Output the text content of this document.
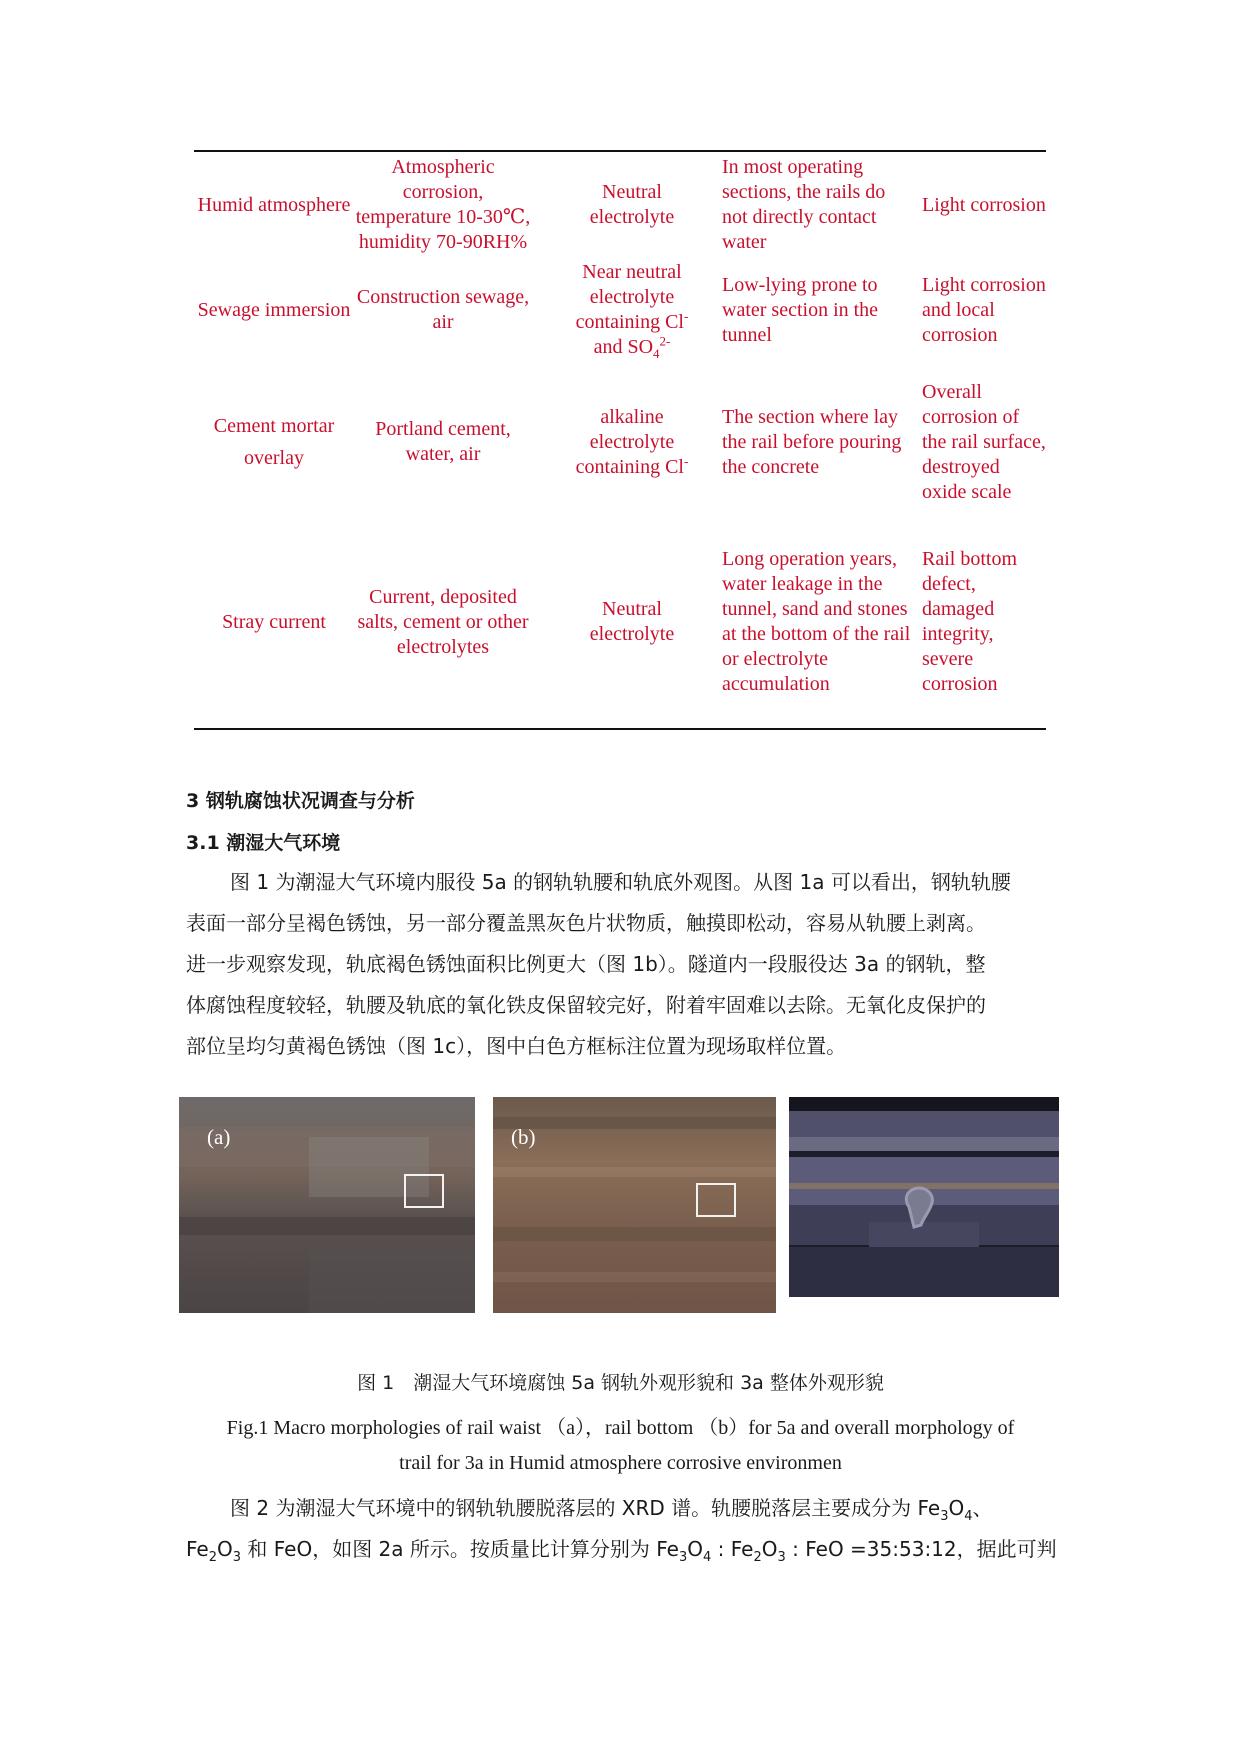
Humid atmosphere
Atmospheric corrosion, temperature 10-30℃, humidity 70-90RH%
Neutral electrolyte
In most operating sections, the rails do not directly contact water
Light corrosion
Sewage immersion
Construction sewage, air
Near neutral
electrolyte
containing Cl-
and $SO_4^{2-}$
Low-lying prone to water section in the tunnel
Light corrosion and local corrosion
Cement mortar overlay
Portland cement, water, air
alkaline
electrolyte
containing Cl-
The section where lay the rail before pouring the concrete
Overall corrosion of the rail surface, destroyed oxide scale
Stray current
Current, deposited salts, cement or other electrolytes
Neutral electrolyte
Long operation years, water leakage in the tunnel, sand and stones at the bottom of the rail or electrolyte accumulation
Rail bottom defect, damaged integrity, severe corrosion
3 钢轨腐蚀状况调查与分析
3.1 潮湿大气环境
图 1 为潮湿大气环境内服役 5a 的钢轨轨腰和轨底外观图。从图 1a 可以看出，钢轨轨腰
表面一部分呈褐色锈蚀，另一部分覆盖黑灰色片状物质，触摸即松动，容易从轨腰上剥离。
进一步观察发现，轨底褐色锈蚀面积比例更大（图 1b）。隧道内一段服役达 3a 的钢轨，整
体腐蚀程度较轻，轨腰及轨底的氧化铁皮保留较完好，附着牢固难以去除。无氧化皮保护的
部位呈均匀黄褐色锈蚀（图 1c），图中白色方框标注位置为现场取样位置。
(a)	(b)
图 1　潮湿大气环境腐蚀 5a 钢轨外观形貌和 3a 整体外观形貌
Fig.1 Macro morphologies of rail waist （a），rail bottom （b）for 5a and overall morphology of
trail for 3a in Humid atmosphere corrosive environmen
图 2 为潮湿大气环境中的钢轨轨腰脱落层的 XRD 谱。轨腰脱落层主要成分为 $Fe_3O_4$、
$Fe_2O_3$ 和 FeO，如图 2a 所示。按质量比计算分别为 $Fe_3O_4$ : $Fe_2O_3$ : FeO =35:53:12，据此可判
